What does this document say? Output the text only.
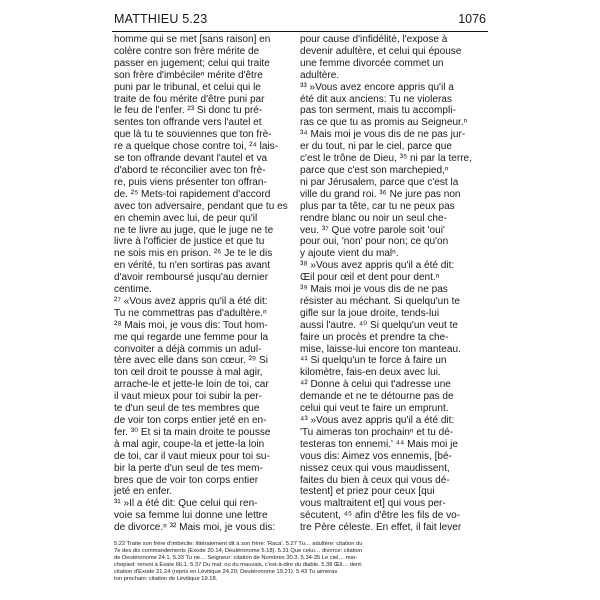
MATTHIEU 5.23	1076
homme qui se met [sans raison] en
colère contre son frère mérite de
passer en jugement; celui qui traite
son frère d'imbécileⁿ mérite d'être
puni par le tribunal, et celui qui le
traite de fou mérite d'être puni par
le feu de l'enfer. ²³ Si donc tu pré-
sentes ton offrande vers l'autel et
que là tu te souviennes que ton frè-
re a quelque chose contre toi, ²⁴ lais-
se ton offrande devant l'autel et va
d'abord te réconcilier avec ton frè-
re, puis viens présenter ton offran-
de. ²⁵ Mets-toi rapidement d'accord
avec ton adversaire, pendant que tu es
en chemin avec lui, de peur qu'il
ne te livre au juge, que le juge ne te
livre à l'officier de justice et que tu
ne sois mis en prison. ²⁶ Je te le dis
en vérité, tu n'en sortiras pas avant
d'avoir remboursé jusqu'au dernier
centime.
²⁷ «Vous avez appris qu'il a été dit:
Tu ne commettras pas d'adultère.ⁿ
²⁸ Mais moi, je vous dis: Tout hom-
me qui regarde une femme pour la
convoiter a déjà commis un adul-
tère avec elle dans son cœur. ²⁹ Si
ton œil droit te pousse à mal agir,
arrache-le et jette-le loin de toi, car
il vaut mieux pour toi subir la per-
te d'un seul de tes membres que
de voir ton corps entier jeté en en-
fer. ³⁰ Et si ta main droite te pousse
à mal agir, coupe-la et jette-la loin
de toi, car il vaut mieux pour toi su-
bir la perte d'un seul de tes mem-
bres que de voir ton corps entier
jeté en enfer.
³¹ »Il a été dit: Que celui qui ren-
voie sa femme lui donne une lettre
de divorce.ⁿ ³² Mais moi, je vous dis:
pour cause d'infidélité, l'expose à
devenir adultère, et celui qui épouse
une femme divorcée commet un
adultère.
³³ »Vous avez encore appris qu'il a
été dit aux anciens: Tu ne violeras
pas ton serment, mais tu accompli-
ras ce que tu as promis au Seigneur.ⁿ
³⁴ Mais moi je vous dis de ne pas jur-
er du tout, ni par le ciel, parce que
c'est le trône de Dieu, ³⁵ ni par la terre,
parce que c'est son marchepied,ⁿ
ni par Jérusalem, parce que c'est la
ville du grand roi. ³⁶ Ne jure pas non
plus par ta tête, car tu ne peux pas
rendre blanc ou noir un seul che-
veu. ³⁷ Que votre parole soit 'oui'
pour oui, 'non' pour non; ce qu'on
y ajoute vient du malⁿ.
³⁸ »Vous avez appris qu'il a été dit:
Œil pour œil et dent pour dent.ⁿ
³⁹ Mais moi je vous dis de ne pas
résister au méchant. Si quelqu'un te
gifle sur la joue droite, tends-lui
aussi l'autre. ⁴⁰ Si quelqu'un veut te
faire un procès et prendre ta che-
mise, laisse-lui encore ton manteau.
⁴¹ Si quelqu'un te force à faire un
kilomètre, fais-en deux avec lui.
⁴² Donne à celui qui t'adresse une
demande et ne te détourne pas de
celui qui veut te faire un emprunt.
⁴³ »Vous avez appris qu'il a été dit:
'Tu aimeras ton prochainⁿ et tu dé-
testeras ton ennemi.' ⁴⁴ Mais moi je
vous dis: Aimez vos ennemis, [bé-
nissez ceux qui vous maudissent,
faites du bien à ceux qui vous dé-
testent] et priez pour ceux [qui
vous maltraitent et] qui vous per-
sécutent, ⁴⁵ afin d'être les fils de vo-
tre Père céleste. En effet, il fait lever
5.22 Traite son frère d'imbécile: littéralement dit à son frère: 'Raca'. 5.27 Tu… adultère: citation du
7e des dix commandements (Exode 20.14; Deutéronome 5.18). 5.31 Que celui… divorce: citation
de Deutéronome 24.1. 5.33 Tu ne… Seigneur: citation de Nombres 30.3. 5.34-35 Le ciel… mar-
chepied: renvoi à Ésaïe 66.1. 5.37 Du mal: ou du mauvais, c'est-à-dire du diable. 5.38 Œil… dent:
citation d'Exode 21.24 (repris en Lévitique 24.20; Deutéronome 19.21). 5.43 Tu aimeras
ton prochain: citation de Lévitique 19.18.
